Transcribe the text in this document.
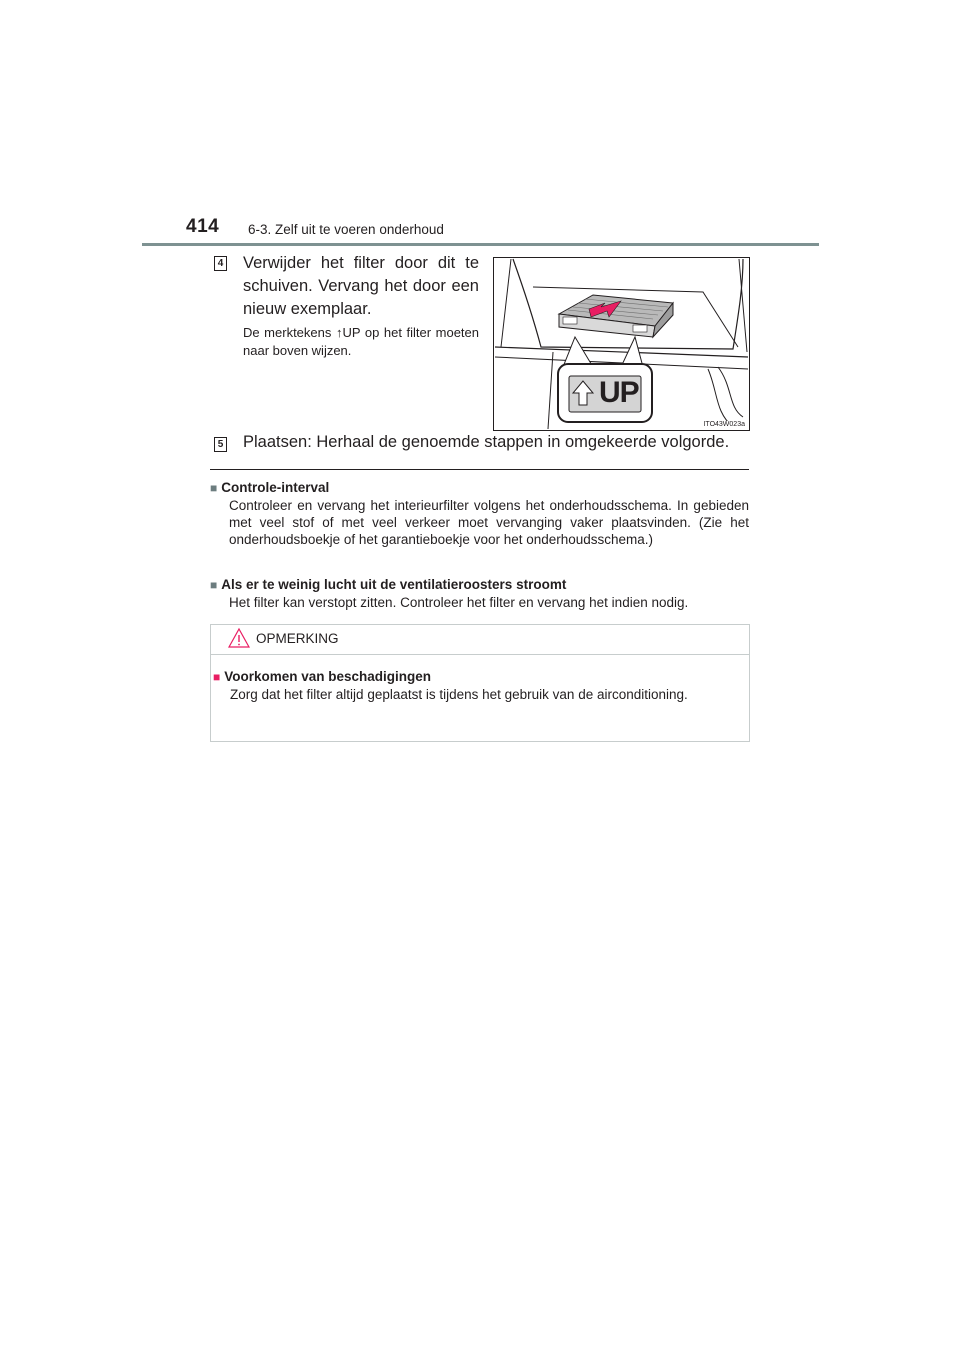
414 6-3. Zelf uit te voeren onderhoud
4 Verwijder het filter door dit te schuiven. Vervang het door een nieuw exemplaar.
De merktekens ↑UP op het filter moeten naar boven wijzen.
UP
ITO43W023a
5 Plaatsen: Herhaal de genoemde stappen in omgekeerde volgorde.
■ Controle-interval
Controleer en vervang het interieurfilter volgens het onderhoudsschema. In gebieden met veel stof of met veel verkeer moet vervanging vaker plaatsvinden. (Zie het onderhoudsboekje of het garantieboekje voor het onderhoudsschema.)
■ Als er te weinig lucht uit de ventilatieroosters stroomt
Het filter kan verstopt zitten. Controleer het filter en vervang het indien nodig.
OPMERKING
■ Voorkomen van beschadigingen
Zorg dat het filter altijd geplaatst is tijdens het gebruik van de airconditioning.
